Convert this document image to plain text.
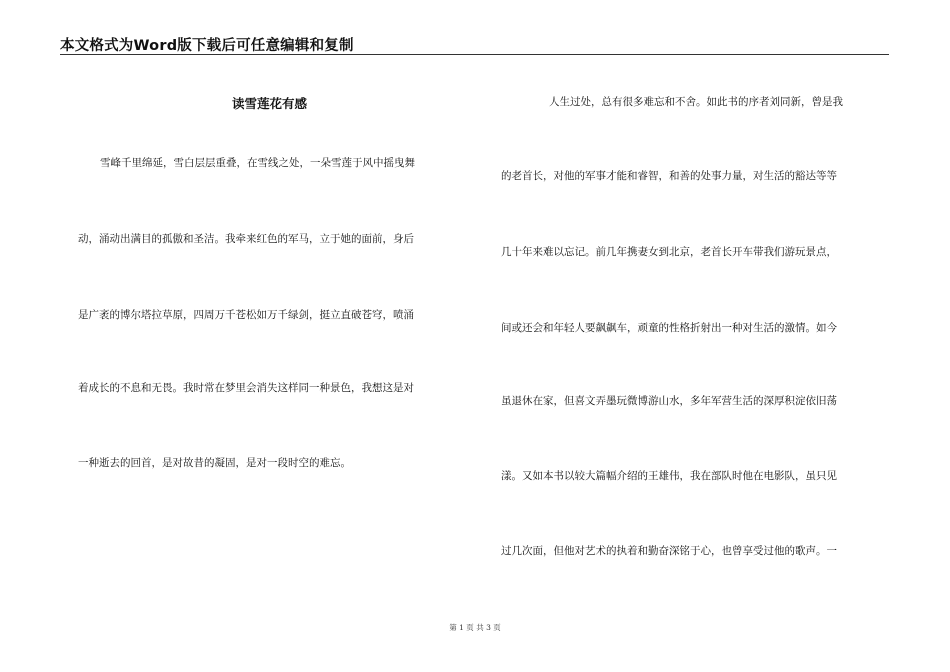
本文格式为Word版下载后可任意编辑和复制
读雪莲花有感
雪峰千里绵延，雪白层层重叠，在雪线之处，一朵雪莲于风中摇曳舞
动，涌动出满目的孤傲和圣洁。我牵来红色的军马，立于她的面前，身后
是广袤的博尔塔拉草原，四周万千苍松如万千绿剑，挺立直破苍穹，喷涌
着成长的不息和无畏。我时常在梦里会消失这样同一种景色，我想这是对
一种逝去的回首，是对故昔的凝固，是对一段时空的难忘。
人生过处，总有很多难忘和不舍。如此书的序者刘同新，曾是我
的老首长，对他的军事才能和睿智，和善的处事力量，对生活的豁达等等
几十年来难以忘记。前几年携妻女到北京，老首长开车带我们游玩景点，
间或还会和年轻人要飙飙车，顽童的性格折射出一种对生活的激情。如今
虽退休在家，但喜文弄墨玩微博游山水，多年军营生活的深厚积淀依旧荡
漾。又如本书以较大篇幅介绍的王雄伟，我在部队时他在电影队，虽只见
过几次面，但他对艺术的执着和勤奋深铭于心，也曾享受过他的歌声。一
第 1 页 共 3 页
